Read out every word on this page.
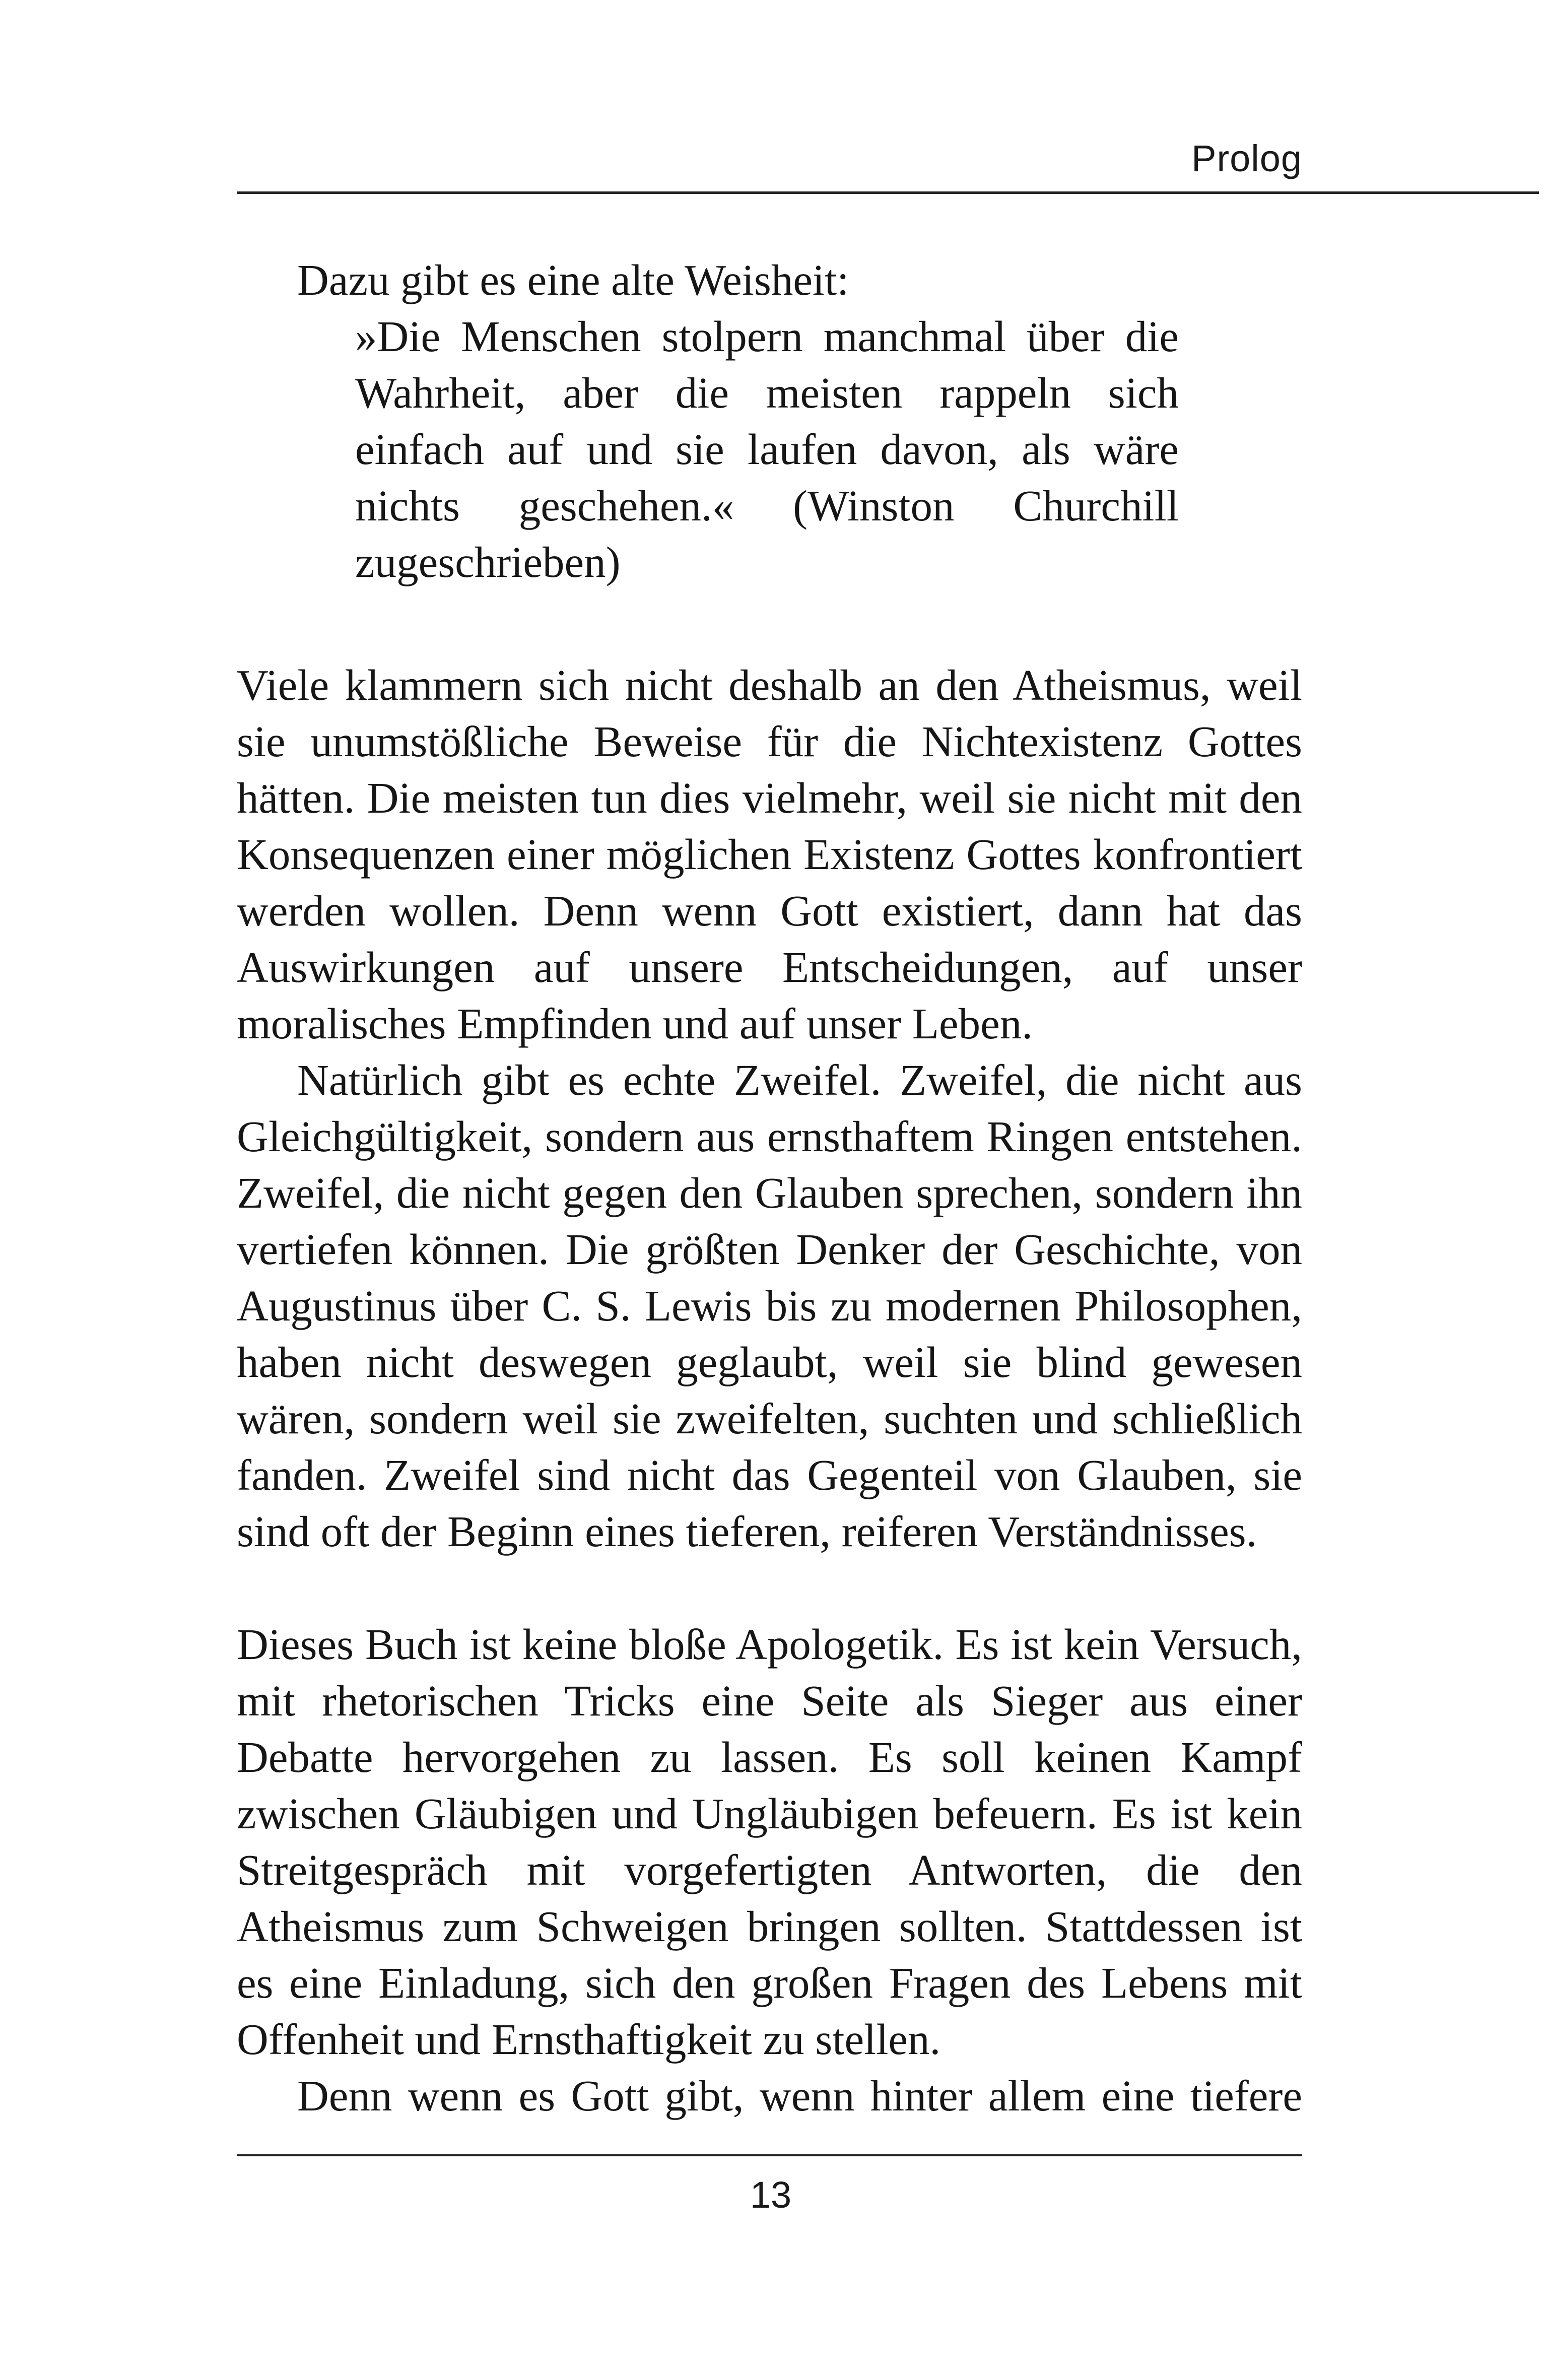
Prolog

Dazu gibt es eine alte Weisheit:

»Die Menschen stolpern manchmal über die Wahrheit, aber die meisten rappeln sich einfach auf und sie laufen davon, als wäre nichts geschehen.« (Winston Churchill zugeschrieben)

Viele klammern sich nicht deshalb an den Atheismus, weil sie unumstößliche Beweise für die Nichtexistenz Gottes hätten. Die meisten tun dies vielmehr, weil sie nicht mit den Konsequenzen einer möglichen Existenz Gottes konfrontiert werden wollen. Denn wenn Gott existiert, dann hat das Auswirkungen auf unsere Entscheidungen, auf unser moralisches Empfinden und auf unser Leben.

Natürlich gibt es echte Zweifel. Zweifel, die nicht aus Gleichgültigkeit, sondern aus ernsthaftem Ringen entstehen. Zweifel, die nicht gegen den Glauben sprechen, sondern ihn vertiefen können. Die größten Denker der Geschichte, von Augustinus über C. S. Lewis bis zu modernen Philosophen, haben nicht deswegen geglaubt, weil sie blind gewesen wären, sondern weil sie zweifelten, suchten und schließlich fanden. Zweifel sind nicht das Gegenteil von Glauben, sie sind oft der Beginn eines tieferen, reiferen Verständnisses.

Dieses Buch ist keine bloße Apologetik. Es ist kein Versuch, mit rhetorischen Tricks eine Seite als Sieger aus einer Debatte hervorgehen zu lassen. Es soll keinen Kampf zwischen Gläubigen und Ungläubigen befeuern. Es ist kein Streitgespräch mit vorgefertigten Antworten, die den Atheismus zum Schweigen bringen sollten. Stattdessen ist es eine Einladung, sich den großen Fragen des Lebens mit Offenheit und Ernsthaftigkeit zu stellen.

Denn wenn es Gott gibt, wenn hinter allem eine tiefere

13
